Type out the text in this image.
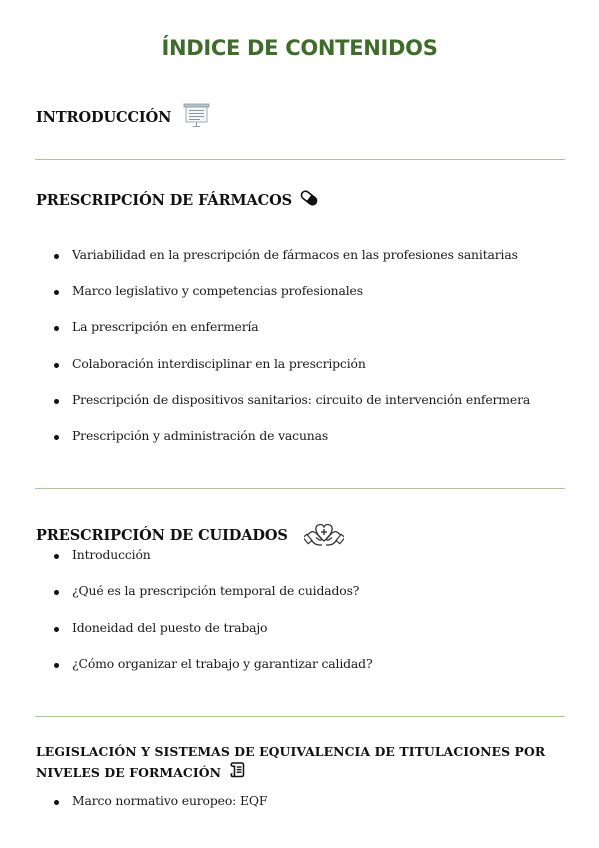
ÍNDICE DE CONTENIDOS
INTRODUCCIÓN
PRESCRIPCIÓN DE FÁRMACOS
Variabilidad en la prescripción de fármacos en las profesiones sanitarias
Marco legislativo y competencias profesionales
La prescripción en enfermería
Colaboración interdisciplinar en la prescripción
Prescripción de dispositivos sanitarios: circuito de intervención enfermera
Prescripción y administración de vacunas
PRESCRIPCIÓN DE CUIDADOS
Introducción
¿Qué es la prescripción temporal de cuidados?
Idoneidad del puesto de trabajo
¿Cómo organizar el trabajo y garantizar calidad?
LEGISLACIÓN Y SISTEMAS DE EQUIVALENCIA DE TITULACIONES POR NIVELES DE FORMACIÓN
Marco normativo europeo: EQF
